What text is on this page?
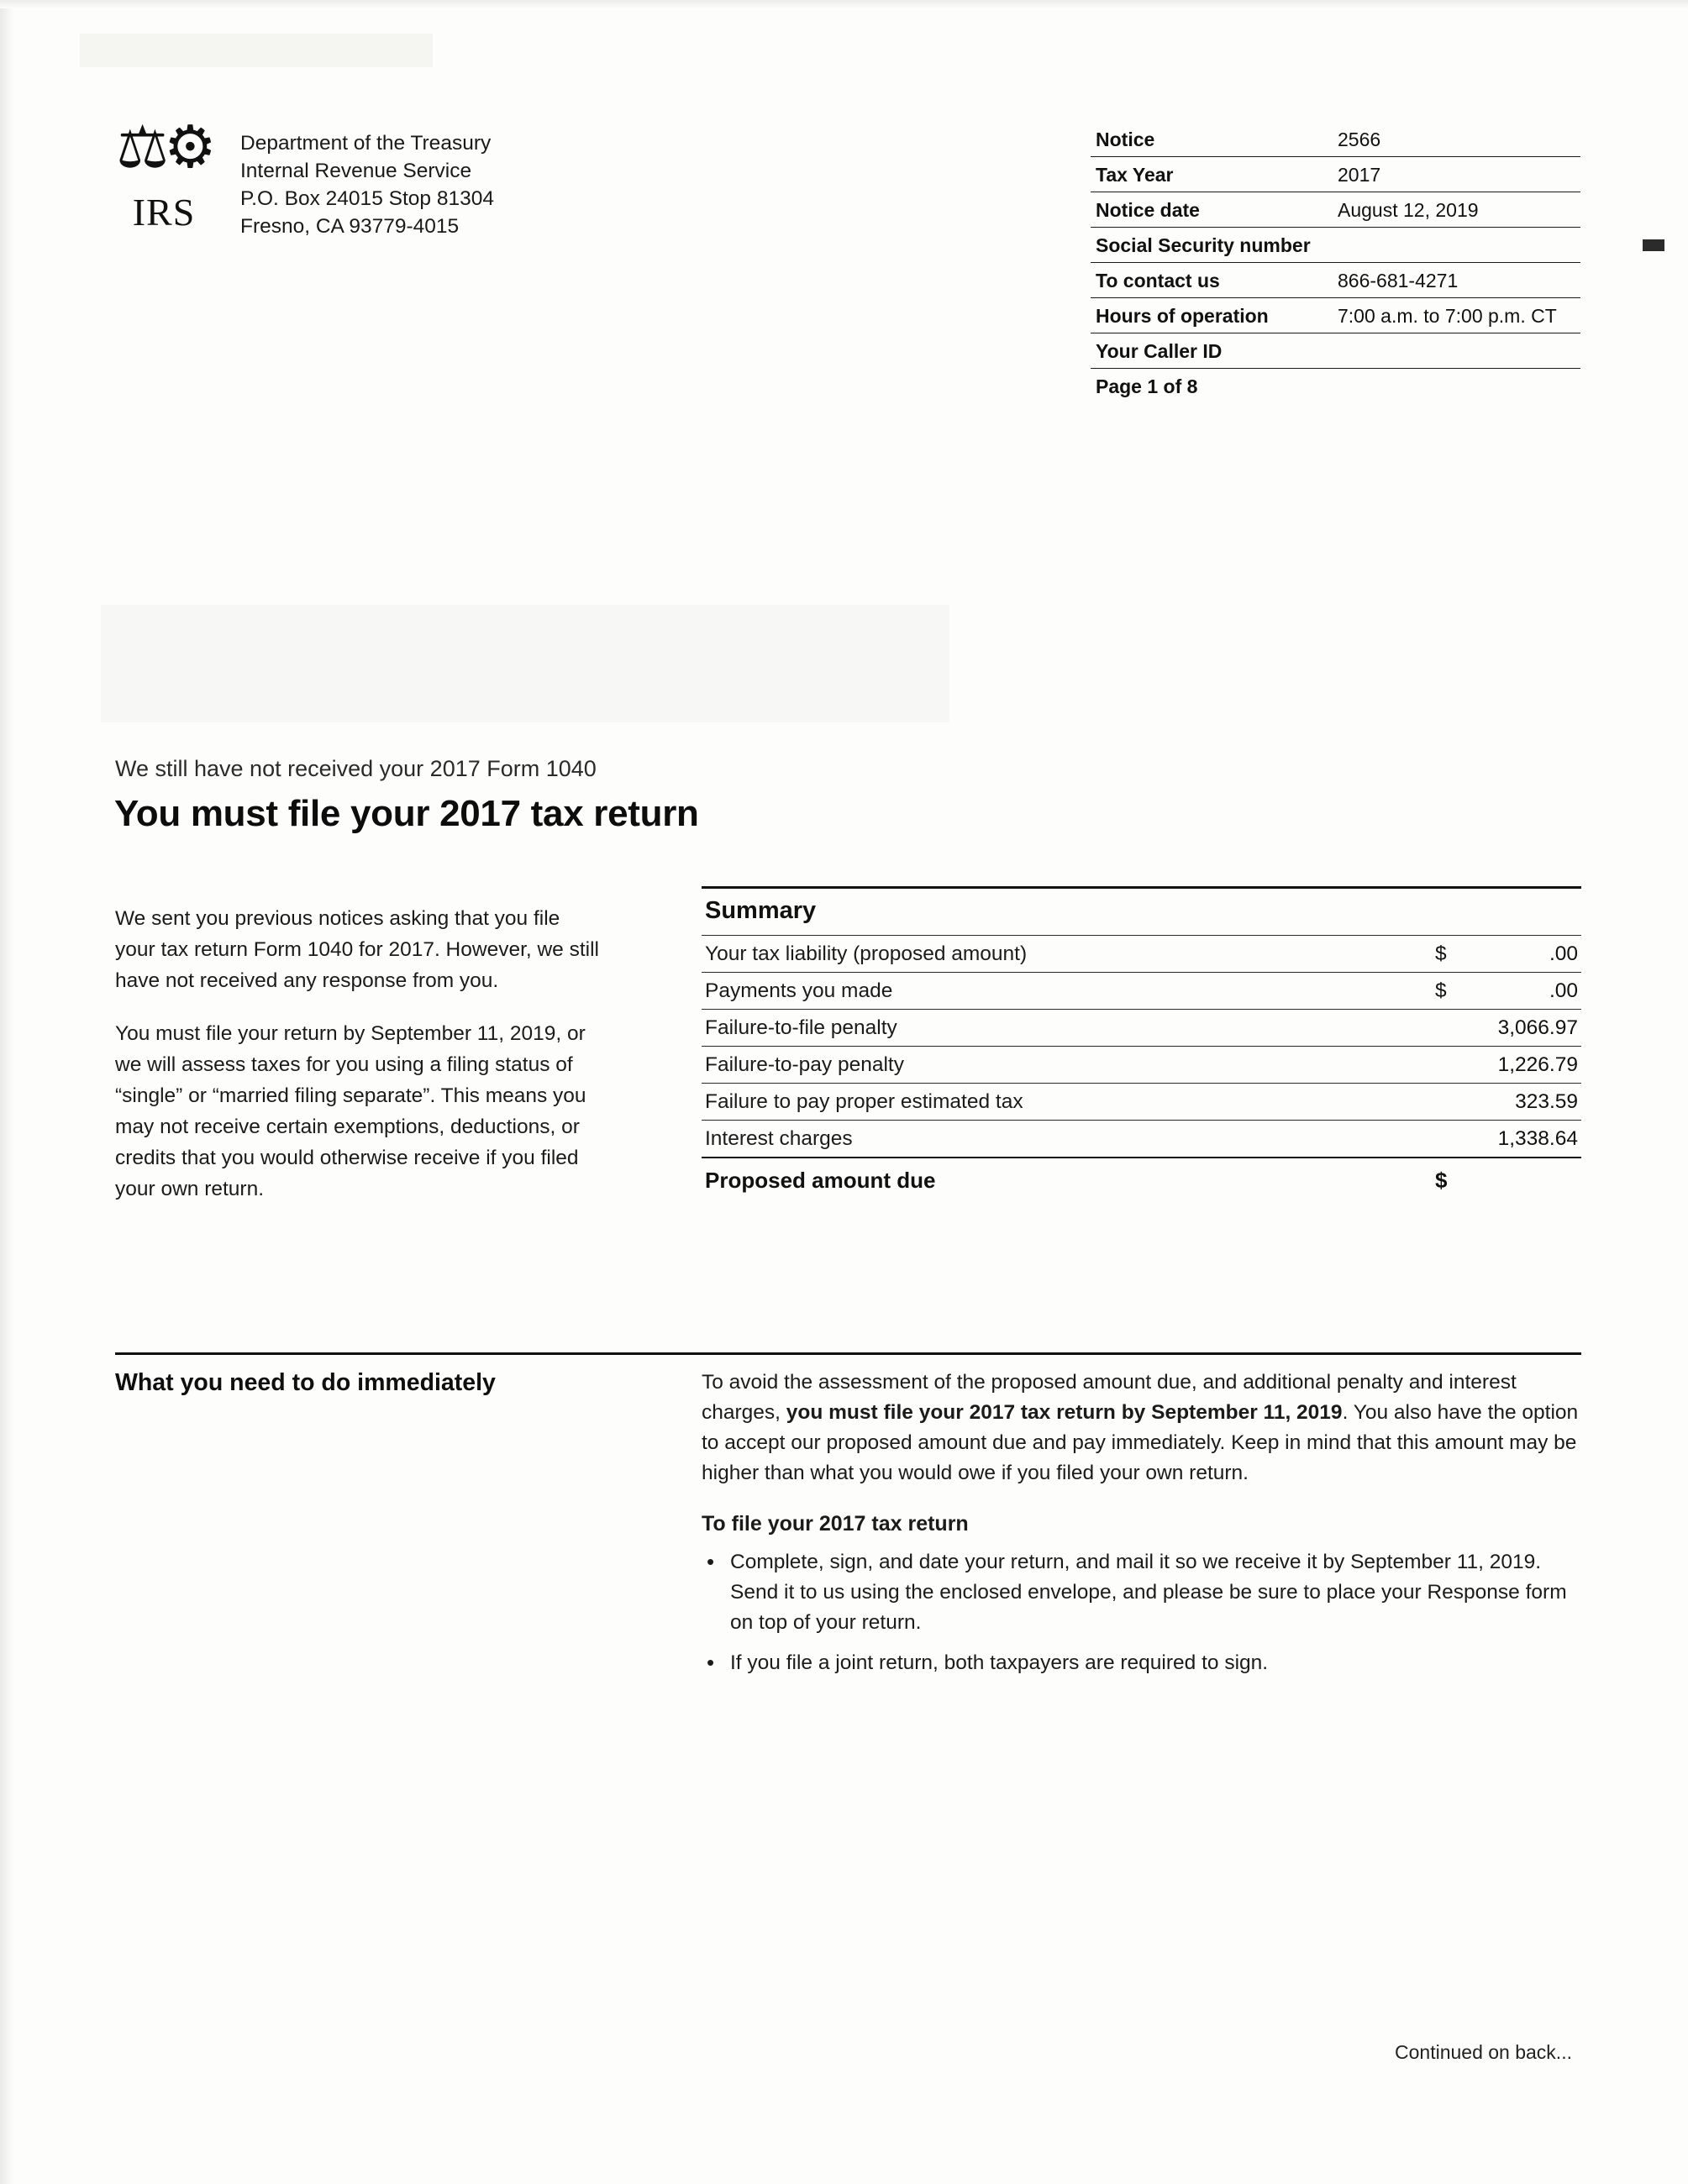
⚖⚙
IRS
Department of the Treasury
Internal Revenue Service
P.O. Box 24015 Stop 81304
Fresno, CA 93779-4015
Notice	2566
Tax Year	2017
Notice date	August 12, 2019
Social Security number
To contact us	866-681-4271
Hours of operation	7:00 a.m. to 7:00 p.m. CT
Your Caller ID
Page 1 of 8
We still have not received your 2017 Form 1040
You must file your 2017 tax return

We sent you previous notices asking that you file your tax return Form 1040 for 2017. However, we still have not received any response from you.

You must file your return by September 11, 2019, or we will assess taxes for you using a filing status of “single” or “married filing separate”. This means you may not receive certain exemptions, deductions, or credits that you would otherwise receive if you filed your own return.

Summary
Your tax liability (proposed amount)	$	.00
Payments you made	$	.00
Failure-to-file penalty	3,066.97
Failure-to-pay penalty	1,226.79
Failure to pay proper estimated tax	323.59
Interest charges	1,338.64
Proposed amount due	$
What you need to do immediately	To avoid the assessment of the proposed amount due, and additional penalty and interest charges, you must file your 2017 tax return by September 11, 2019. You also have the option to accept our proposed amount due and pay immediately. Keep in mind that this amount may be higher than what you would owe if you filed your own return.

To file your 2017 tax return
• Complete, sign, and date your return, and mail it so we receive it by September 11, 2019. Send it to us using the enclosed envelope, and please be sure to place your Response form on top of your return.
• If you file a joint return, both taxpayers are required to sign.
Continued on back...
